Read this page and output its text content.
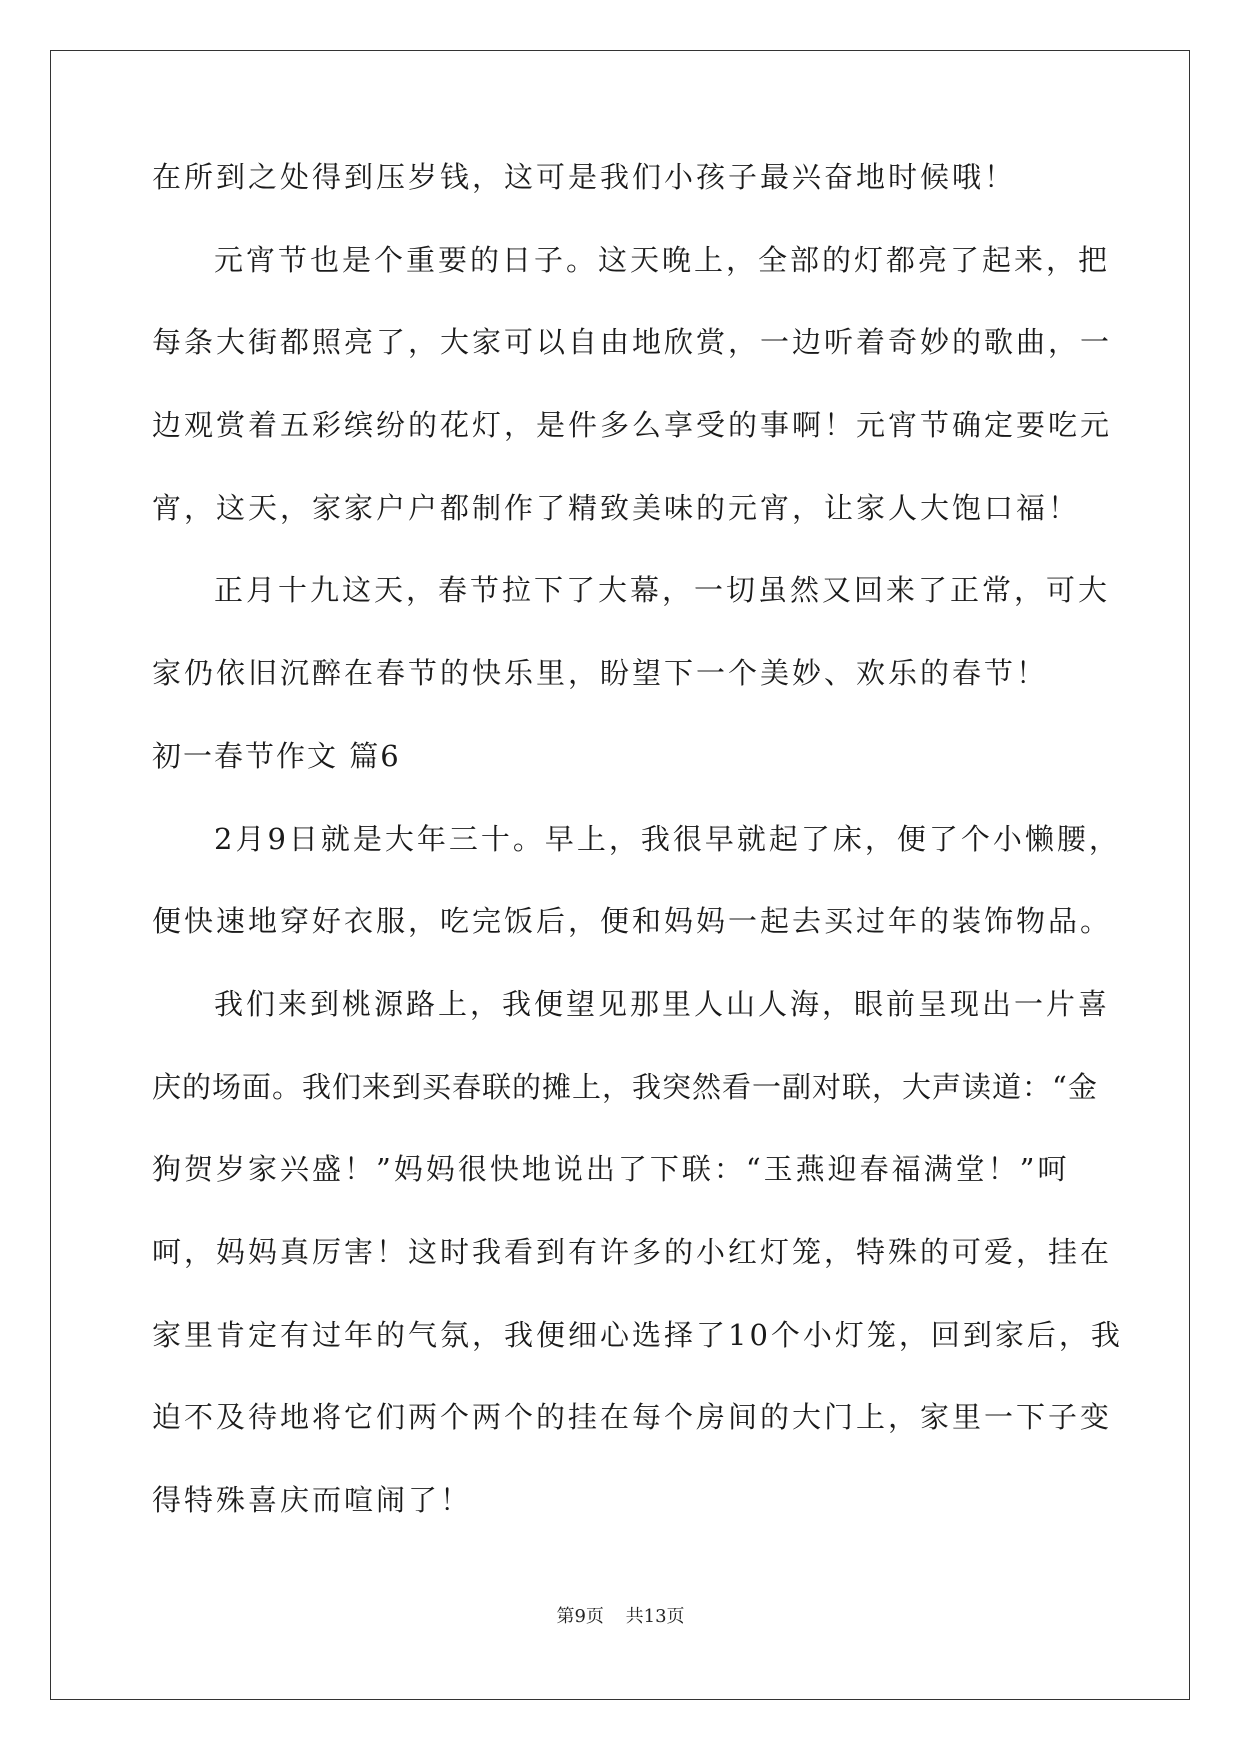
在所到之处得到压岁钱，这可是我们小孩子最兴奋地时候哦！
元宵节也是个重要的日子。这天晚上，全部的灯都亮了起来，把
每条大街都照亮了，大家可以自由地欣赏，一边听着奇妙的歌曲，一
边观赏着五彩缤纷的花灯，是件多么享受的事啊！元宵节确定要吃元
宵，这天，家家户户都制作了精致美味的元宵，让家人大饱口福！
正月十九这天，春节拉下了大幕，一切虽然又回来了正常，可大
家仍依旧沉醉在春节的快乐里，盼望下一个美妙、欢乐的春节！
初一春节作文 篇6
2月9日就是大年三十。早上，我很早就起了床，便了个小懒腰，
便快速地穿好衣服，吃完饭后，便和妈妈一起去买过年的装饰物品。
我们来到桃源路上，我便望见那里人山人海，眼前呈现出一片喜
庆的场面。我们来到买春联的摊上，我突然看一副对联，大声读道：“金
狗贺岁家兴盛！”妈妈很快地说出了下联：“玉燕迎春福满堂！”呵
呵，妈妈真厉害！这时我看到有许多的小红灯笼，特殊的可爱，挂在
家里肯定有过年的气氛，我便细心选择了10个小灯笼，回到家后，我
迫不及待地将它们两个两个的挂在每个房间的大门上，家里一下子变
得特殊喜庆而喧闹了！
第9页 共13页
